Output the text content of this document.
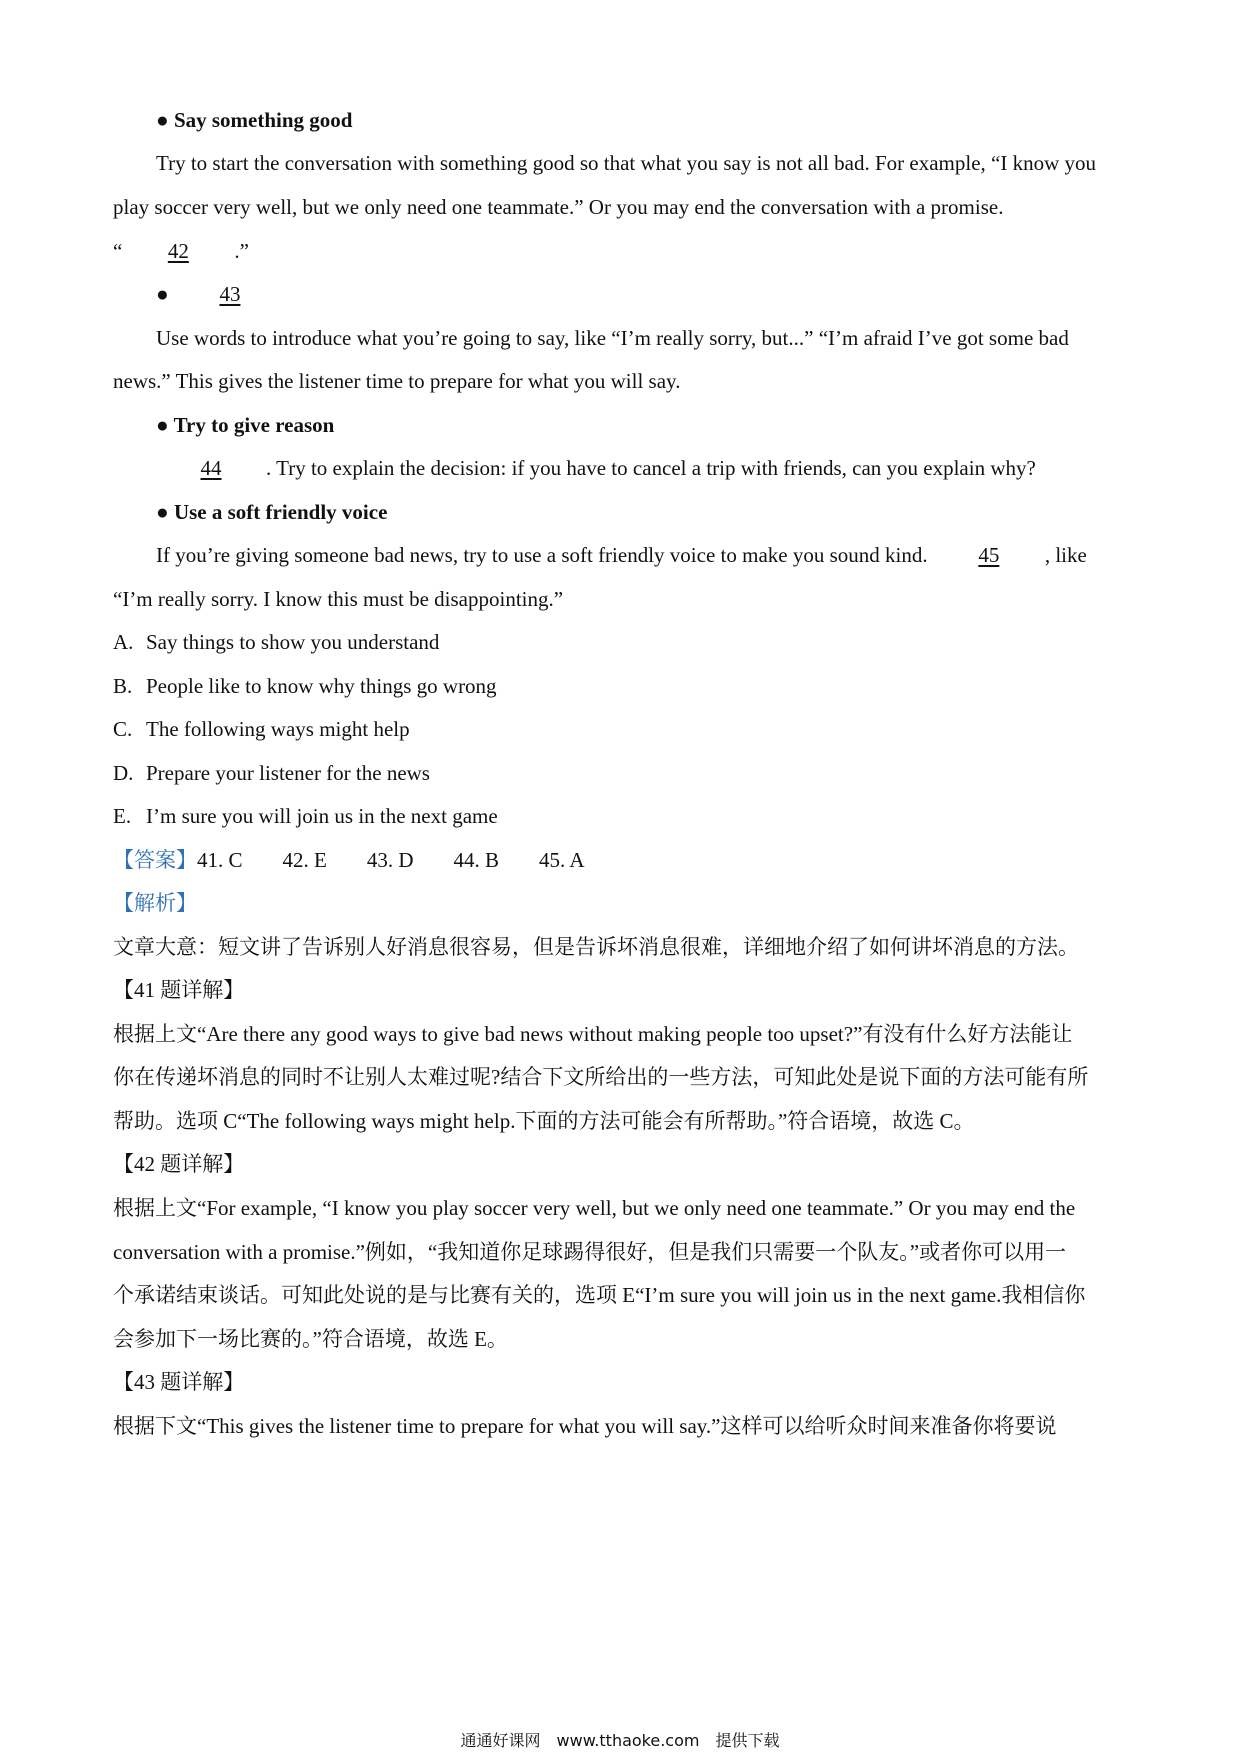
● Say something good
Try to start the conversation with something good so that what you say is not all bad. For example, “I know you
play soccer very well, but we only need one teammate.” Or you may end the conversation with a promise.
“ 42 .”
● 43
Use words to introduce what you’re going to say, like “I’m really sorry, but...” “I’m afraid I’ve got some bad
news.” This gives the listener time to prepare for what you will say.
● Try to give reason
44 . Try to explain the decision: if you have to cancel a trip with friends, can you explain why?
● Use a soft friendly voice
If you’re giving someone bad news, try to use a soft friendly voice to make you sound kind. 45 , like
“I’m really sorry. I know this must be disappointing.”
A. Say things to show you understand
B. People like to know why things go wrong
C. The following ways might help
D. Prepare your listener for the news
E. I’m sure you will join us in the next game
【答案】41. C 42. E 43. D 44. B 45. A
【解析】
文章大意：短文讲了告诉别人好消息很容易，但是告诉坏消息很难，详细地介绍了如何讲坏消息的方法。
【41 题详解】
根据上文“Are there any good ways to give bad news without making people too upset?”有没有什么好方法能让
你在传递坏消息的同时不让别人太难过呢?结合下文所给出的一些方法，可知此处是说下面的方法可能有所
帮助。选项 C“The following ways might help.下面的方法可能会有所帮助。”符合语境，故选 C。
【42 题详解】
根据上文“For example, “I know you play soccer very well, but we only need one teammate.” Or you may end the
conversation with a promise.”例如，“我知道你足球踢得很好，但是我们只需要一个队友。”或者你可以用一
个承诺结束谈话。可知此处说的是与比赛有关的，选项 E“I’m sure you will join us in the next game.我相信你
会参加下一场比赛的。”符合语境，故选 E。
【43 题详解】
根据下文“This gives the listener time to prepare for what you will say.”这样可以给听众时间来准备你将要说
通通好课网　www.tthaoke.com　提供下载
